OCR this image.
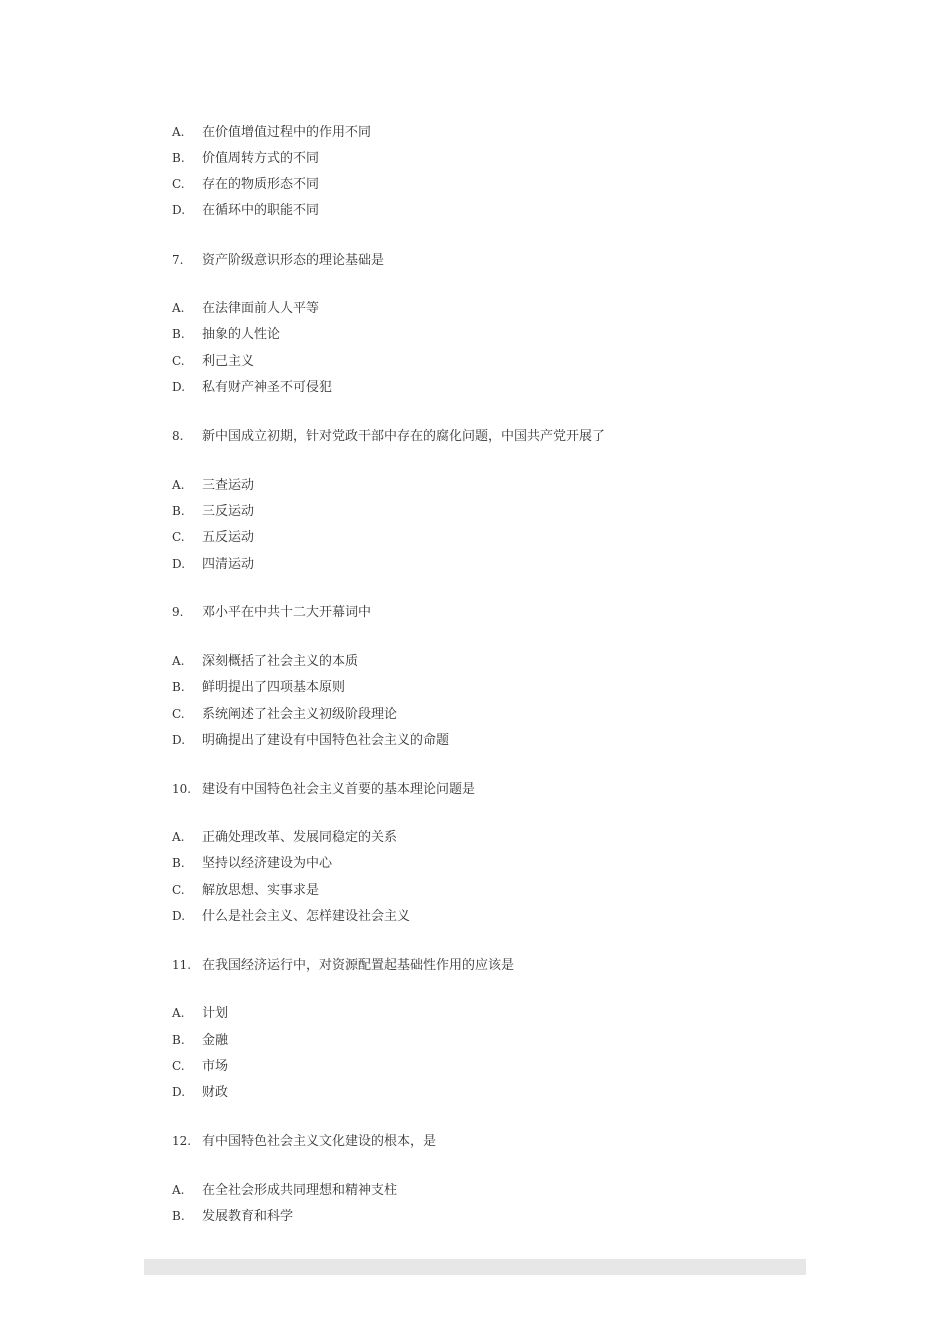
A. 在价值增值过程中的作用不同
B. 价值周转方式的不同
C. 存在的物质形态不同
D. 在循环中的职能不同
7. 资产阶级意识形态的理论基础是
A. 在法律面前人人平等
B. 抽象的人性论
C. 利己主义
D. 私有财产神圣不可侵犯
8. 新中国成立初期，针对党政干部中存在的腐化问题，中国共产党开展了
A. 三查运动
B. 三反运动
C. 五反运动
D. 四清运动
9. 邓小平在中共十二大开幕词中
A. 深刻概括了社会主义的本质
B. 鲜明提出了四项基本原则
C. 系统阐述了社会主义初级阶段理论
D. 明确提出了建设有中国特色社会主义的命题
10. 建设有中国特色社会主义首要的基本理论问题是
A. 正确处理改革、发展同稳定的关系
B. 坚持以经济建设为中心
C. 解放思想、实事求是
D. 什么是社会主义、怎样建设社会主义
11. 在我国经济运行中，对资源配置起基础性作用的应该是
A. 计划
B. 金融
C. 市场
D. 财政
12. 有中国特色社会主义文化建设的根本，是
A. 在全社会形成共同理想和精神支柱
B. 发展教育和科学
